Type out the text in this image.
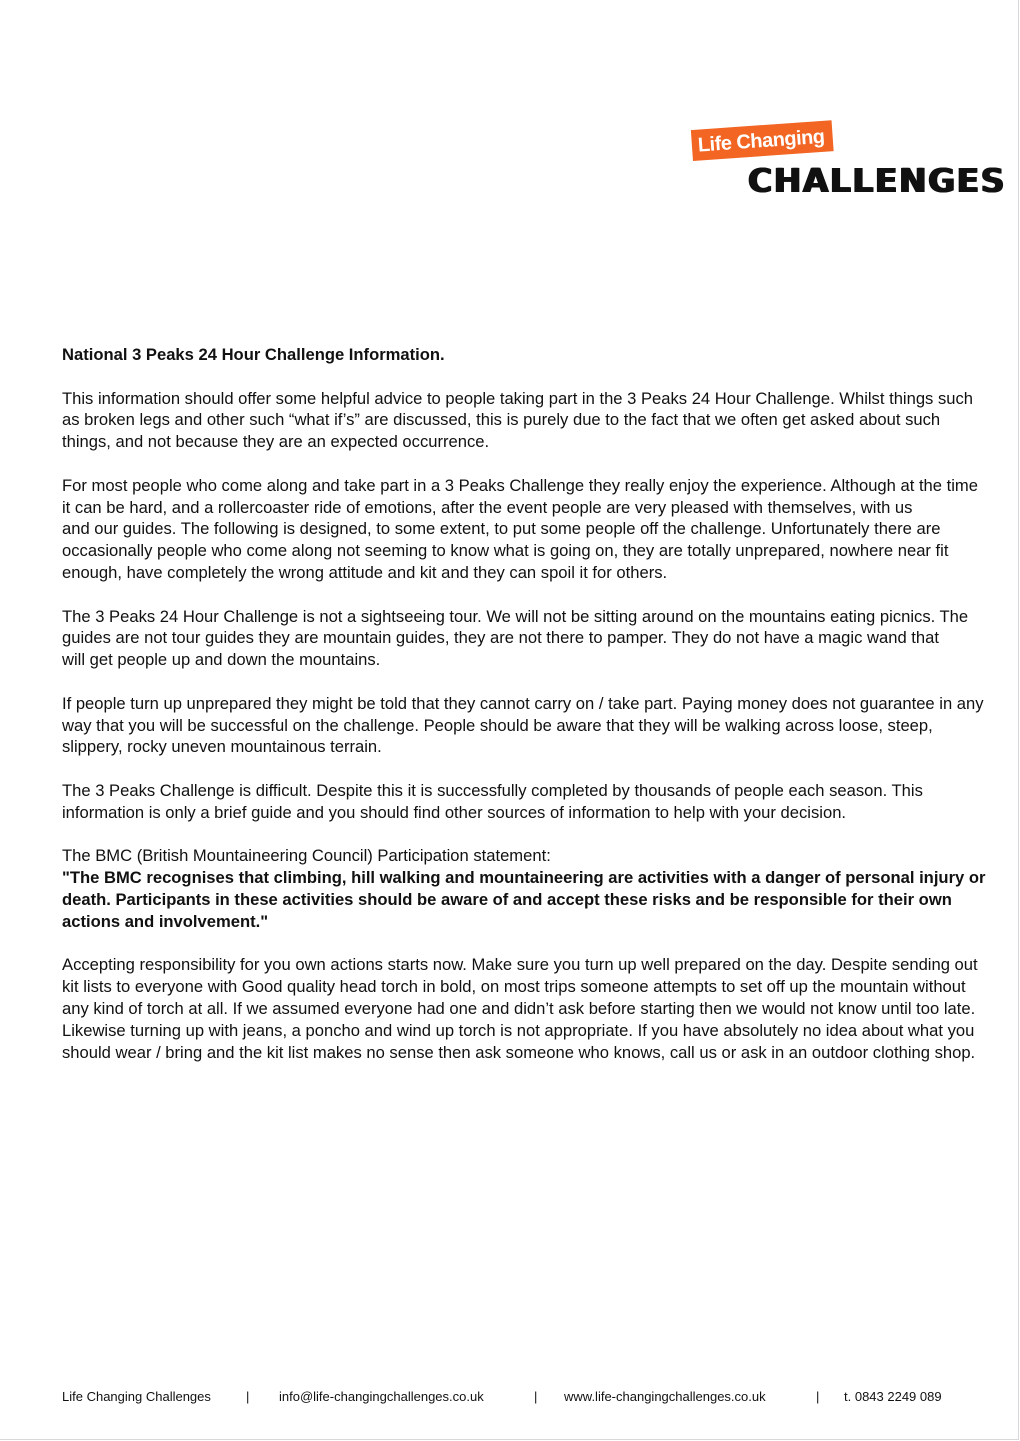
Life Changing
CHALLENGES

National 3 Peaks 24 Hour Challenge Information.

This information should offer some helpful advice to people taking part in the 3 Peaks 24 Hour Challenge. Whilst things such as broken legs and other such “what if’s” are discussed, this is purely due to the fact that we often get asked about such things, and not because they are an expected occurrence.

For most people who come along and take part in a 3 Peaks Challenge they really enjoy the experience. Although at the time it can be hard, and a rollercoaster ride of emotions, after the event people are very pleased with themselves, with us
and our guides. The following is designed, to some extent, to put some people off the challenge. Unfortunately there are occasionally people who come along not seeming to know what is going on, they are totally unprepared, nowhere near fit enough, have completely the wrong attitude and kit and they can spoil it for others.

The 3 Peaks 24 Hour Challenge is not a sightseeing tour. We will not be sitting around on the mountains eating picnics. The guides are not tour guides they are mountain guides, they are not there to pamper. They do not have a magic wand that
will get people up and down the mountains.

If people turn up unprepared they might be told that they cannot carry on / take part. Paying money does not guarantee in any way that you will be successful on the challenge. People should be aware that they will be walking across loose, steep,
slippery, rocky uneven mountainous terrain.

The 3 Peaks Challenge is difficult. Despite this it is successfully completed by thousands of people each season. This information is only a brief guide and you should find other sources of information to help with your decision.

The BMC (British Mountaineering Council) Participation statement:
"The BMC recognises that climbing, hill walking and mountaineering are activities with a danger of personal injury or death. Participants in these activities should be aware of and accept these risks and be responsible for their own actions and involvement."

Accepting responsibility for you own actions starts now. Make sure you turn up well prepared on the day. Despite sending out kit lists to everyone with Good quality head torch in bold, on most trips someone attempts to set off up the mountain without any kind of torch at all. If we assumed everyone had one and didn’t ask before starting then we would not know until too late. Likewise turning up with jeans, a poncho and wind up torch is not appropriate. If you have absolutely no idea about what you should wear / bring and the kit list makes no sense then ask someone who knows, call us or ask in an outdoor clothing shop.

Life Changing Challenges	| info@life-changingchallenges.co.uk	| www.life-changingchallenges.co.uk	| t. 0843 2249 089
